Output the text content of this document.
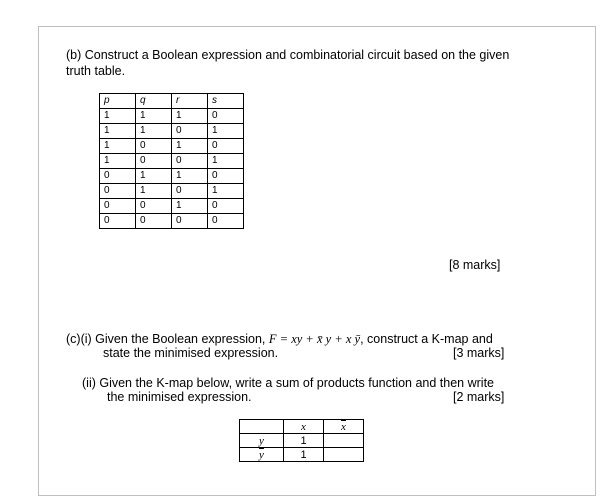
(b) Construct a Boolean expression and combinatorial circuit based on the given
truth table.
p	q	r	s
1	1	1	0
1	1	0	1
1	0	1	0
1	0	0	1
0	1	1	0
0	1	0	1
0	0	1	0
0	0	0	0
[8 marks]
(c)(i) Given the Boolean expression, F = xy + x̄ y + x ȳ, construct a K-map and
state the minimised expression.	[3 marks]
(ii) Given the K-map below, write a sum of products function and then write
the minimised expression.	[2 marks]
	x	$\overline{x}$
y	1	
$\overline{y}$	1	
